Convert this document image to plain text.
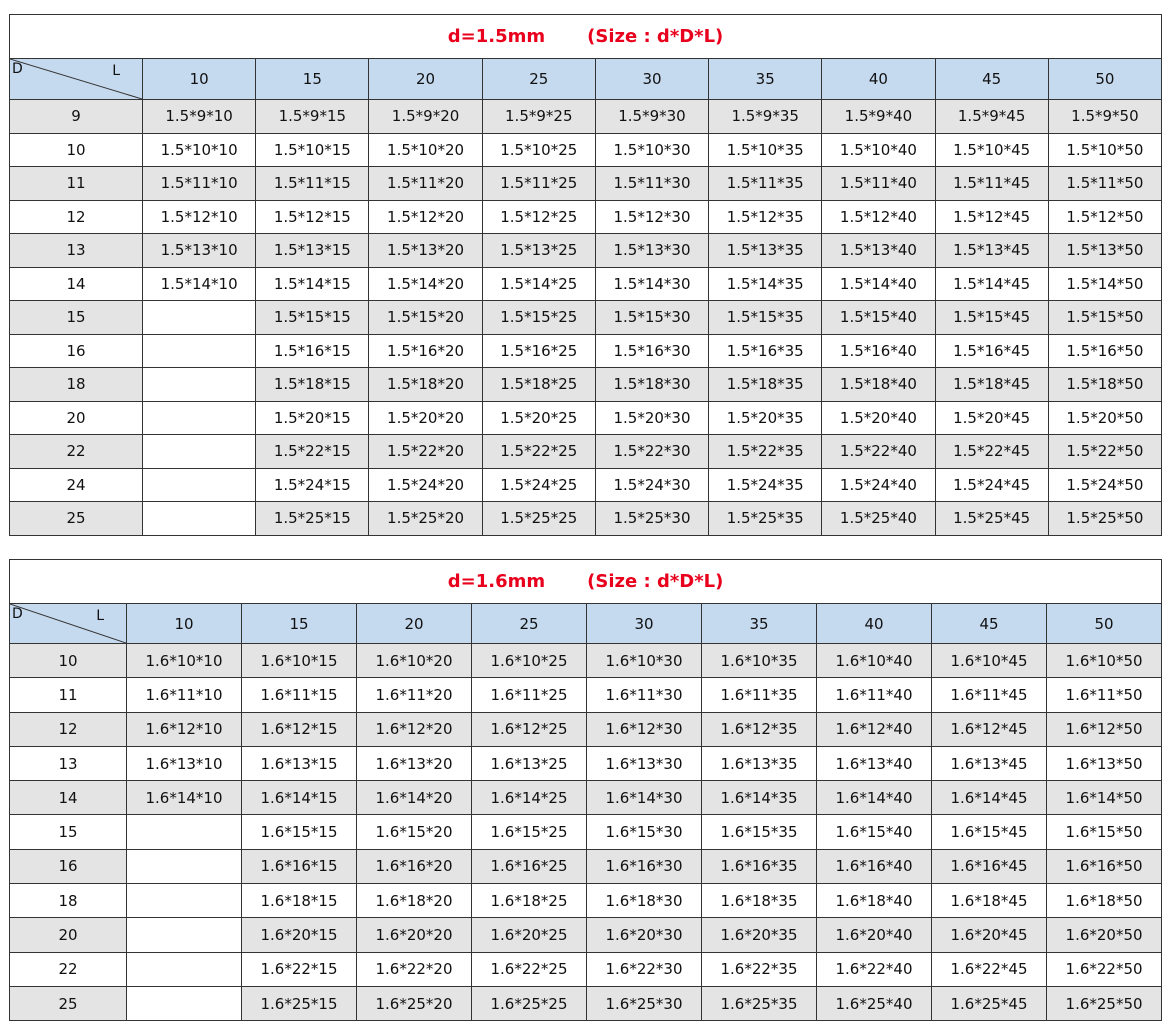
d=1.5mm (Size : d*D*L)									

D L	10	15	20	25	30	35	40	45	50
9	1.5*9*10	1.5*9*15	1.5*9*20	1.5*9*25	1.5*9*30	1.5*9*35	1.5*9*40	1.5*9*45	1.5*9*50
10	1.5*10*10	1.5*10*15	1.5*10*20	1.5*10*25	1.5*10*30	1.5*10*35	1.5*10*40	1.5*10*45	1.5*10*50
11	1.5*11*10	1.5*11*15	1.5*11*20	1.5*11*25	1.5*11*30	1.5*11*35	1.5*11*40	1.5*11*45	1.5*11*50
12	1.5*12*10	1.5*12*15	1.5*12*20	1.5*12*25	1.5*12*30	1.5*12*35	1.5*12*40	1.5*12*45	1.5*12*50
13	1.5*13*10	1.5*13*15	1.5*13*20	1.5*13*25	1.5*13*30	1.5*13*35	1.5*13*40	1.5*13*45	1.5*13*50
14	1.5*14*10	1.5*14*15	1.5*14*20	1.5*14*25	1.5*14*30	1.5*14*35	1.5*14*40	1.5*14*45	1.5*14*50
15		1.5*15*15	1.5*15*20	1.5*15*25	1.5*15*30	1.5*15*35	1.5*15*40	1.5*15*45	1.5*15*50
16		1.5*16*15	1.5*16*20	1.5*16*25	1.5*16*30	1.5*16*35	1.5*16*40	1.5*16*45	1.5*16*50
18		1.5*18*15	1.5*18*20	1.5*18*25	1.5*18*30	1.5*18*35	1.5*18*40	1.5*18*45	1.5*18*50
20		1.5*20*15	1.5*20*20	1.5*20*25	1.5*20*30	1.5*20*35	1.5*20*40	1.5*20*45	1.5*20*50
22		1.5*22*15	1.5*22*20	1.5*22*25	1.5*22*30	1.5*22*35	1.5*22*40	1.5*22*45	1.5*22*50
24		1.5*24*15	1.5*24*20	1.5*24*25	1.5*24*30	1.5*24*35	1.5*24*40	1.5*24*45	1.5*24*50
25		1.5*25*15	1.5*25*20	1.5*25*25	1.5*25*30	1.5*25*35	1.5*25*40	1.5*25*45	1.5*25*50
d=1.6mm (Size : d*D*L)									

D L	10	15	20	25	30	35	40	45	50
10	1.6*10*10	1.6*10*15	1.6*10*20	1.6*10*25	1.6*10*30	1.6*10*35	1.6*10*40	1.6*10*45	1.6*10*50
11	1.6*11*10	1.6*11*15	1.6*11*20	1.6*11*25	1.6*11*30	1.6*11*35	1.6*11*40	1.6*11*45	1.6*11*50
12	1.6*12*10	1.6*12*15	1.6*12*20	1.6*12*25	1.6*12*30	1.6*12*35	1.6*12*40	1.6*12*45	1.6*12*50
13	1.6*13*10	1.6*13*15	1.6*13*20	1.6*13*25	1.6*13*30	1.6*13*35	1.6*13*40	1.6*13*45	1.6*13*50
14	1.6*14*10	1.6*14*15	1.6*14*20	1.6*14*25	1.6*14*30	1.6*14*35	1.6*14*40	1.6*14*45	1.6*14*50
15		1.6*15*15	1.6*15*20	1.6*15*25	1.6*15*30	1.6*15*35	1.6*15*40	1.6*15*45	1.6*15*50
16		1.6*16*15	1.6*16*20	1.6*16*25	1.6*16*30	1.6*16*35	1.6*16*40	1.6*16*45	1.6*16*50
18		1.6*18*15	1.6*18*20	1.6*18*25	1.6*18*30	1.6*18*35	1.6*18*40	1.6*18*45	1.6*18*50
20		1.6*20*15	1.6*20*20	1.6*20*25	1.6*20*30	1.6*20*35	1.6*20*40	1.6*20*45	1.6*20*50
22		1.6*22*15	1.6*22*20	1.6*22*25	1.6*22*30	1.6*22*35	1.6*22*40	1.6*22*45	1.6*22*50
25		1.6*25*15	1.6*25*20	1.6*25*25	1.6*25*30	1.6*25*35	1.6*25*40	1.6*25*45	1.6*25*50
